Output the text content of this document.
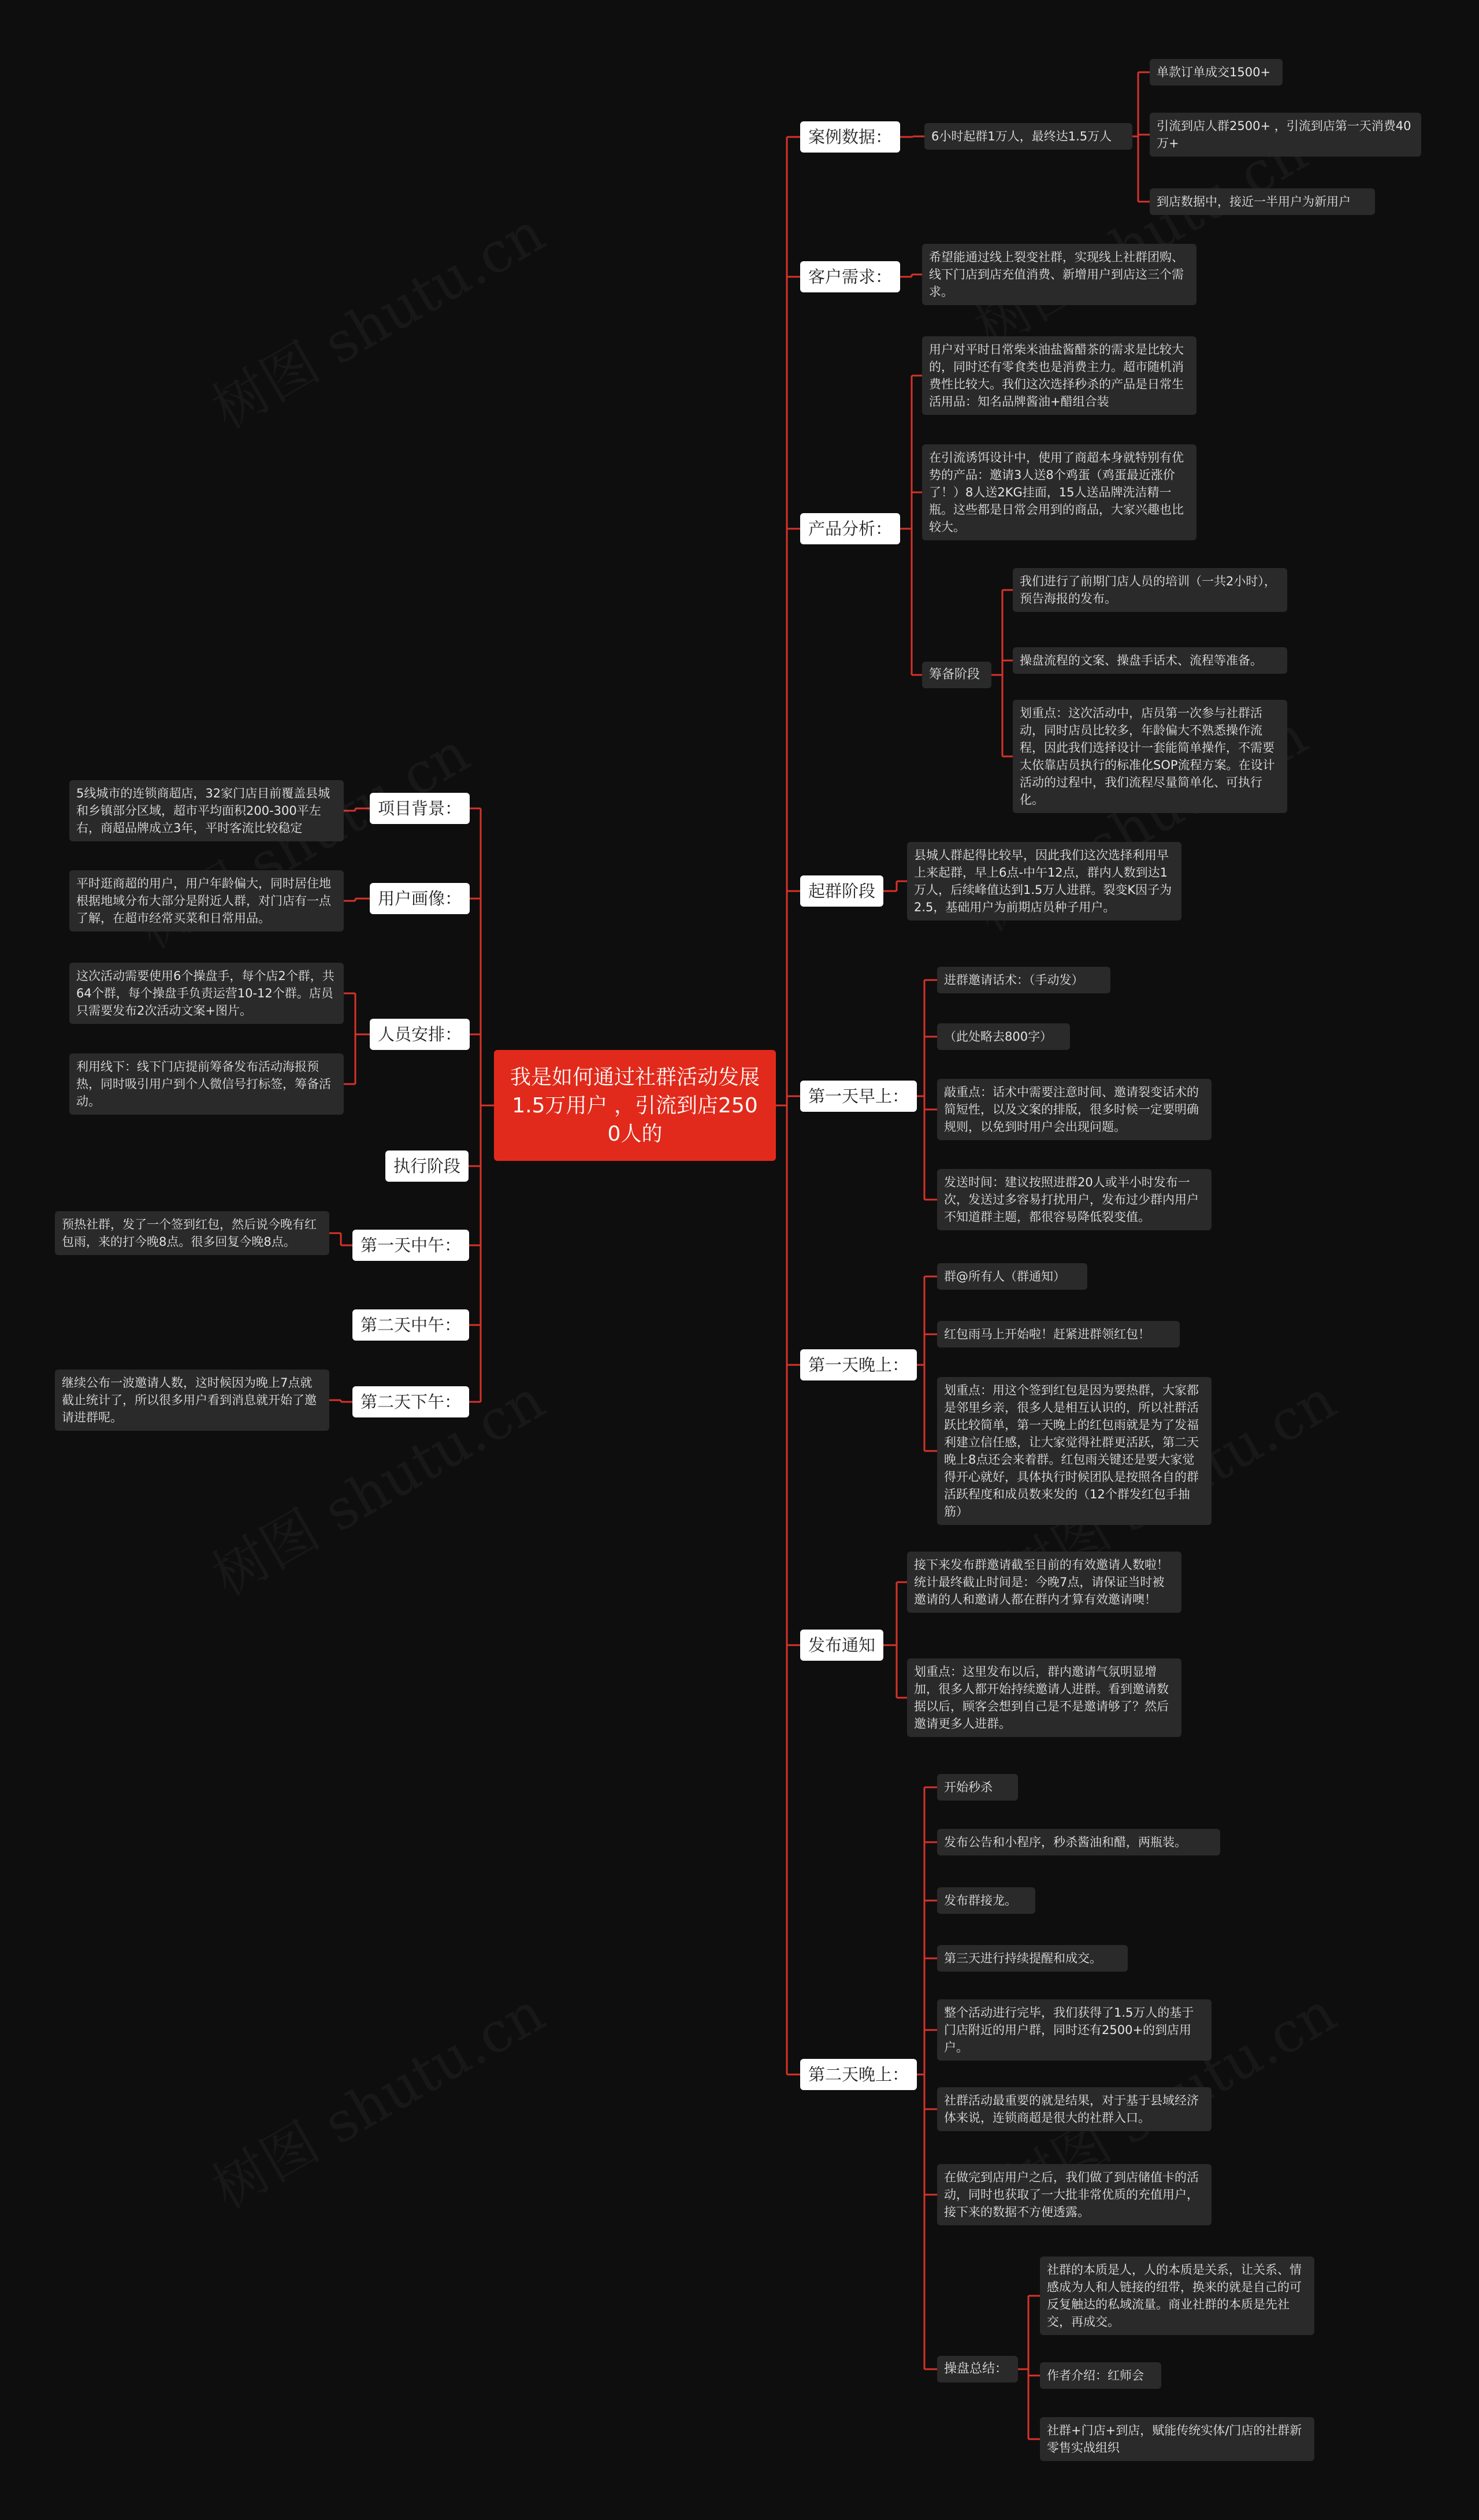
我是如何通过社群活动发展1.5万用户 ，引流到店2500人的
案例数据：	6小时起群1万人，最终达1.5万人
单款订单成交1500+
引流到店人群2500+ ，引流到店第一天消费40万+
到店数据中，接近一半用户为新用户
客户需求：
希望能通过线上裂变社群，实现线上社群团购、线下门店到店充值消费、新增用户到店这三个需求。
产品分析：
用户对平时日常柴米油盐酱醋茶的需求是比较大的，同时还有零食类也是消费主力。超市随机消费性比较大。我们这次选择秒杀的产品是日常生活用品：知名品牌酱油+醋组合装
在引流诱饵设计中，使用了商超本身就特别有优势的产品：邀请3人送8个鸡蛋（鸡蛋最近涨价了！）8人送2KG挂面，15人送品牌洗洁精一瓶。这些都是日常会用到的商品，大家兴趣也比较大。
筹备阶段
我们进行了前期门店人员的培训（一共2小时），预告海报的发布。
操盘流程的文案、操盘手话术、流程等准备。
划重点：这次活动中，店员第一次参与社群活动，同时店员比较多，年龄偏大不熟悉操作流程，因此我们选择设计一套能简单操作，不需要太依靠店员执行的标准化SOP流程方案。在设计活动的过程中，我们流程尽量简单化、可执行化。
起群阶段
县城人群起得比较早，因此我们这次选择利用早上来起群，早上6点-中午12点，群内人数到达1万人，后续峰值达到1.5万人进群。裂变K因子为2.5，基础用户为前期店员种子用户。
第一天早上：
进群邀请话术：（手动发）
（此处略去800字）
敲重点：话术中需要注意时间、邀请裂变话术的简短性，以及文案的排版，很多时候一定要明确规则，以免到时用户会出现问题。
发送时间：建议按照进群20人或半小时发布一次，发送过多容易打扰用户，发布过少群内用户不知道群主题，都很容易降低裂变值。
第一天晚上：
群@所有人（群通知）
红包雨马上开始啦！赶紧进群领红包！
划重点：用这个签到红包是因为要热群，大家都是邻里乡亲，很多人是相互认识的，所以社群活跃比较简单，第一天晚上的红包雨就是为了发福利建立信任感，让大家觉得社群更活跃，第二天晚上8点还会来着群。红包雨关键还是要大家觉得开心就好，具体执行时候团队是按照各自的群活跃程度和成员数来发的（12个群发红包手抽筋）
发布通知
接下来发布群邀请截至目前的有效邀请人数啦！统计最终截止时间是：今晚7点，请保证当时被邀请的人和邀请人都在群内才算有效邀请噢！
划重点：这里发布以后，群内邀请气氛明显增加，很多人都开始持续邀请人进群。看到邀请数据以后，顾客会想到自己是不是邀请够了？然后邀请更多人进群。
第二天晚上：
开始秒杀
发布公告和小程序，秒杀酱油和醋，两瓶装。
发布群接龙。
第三天进行持续提醒和成交。
整个活动进行完毕，我们获得了1.5万人的基于门店附近的用户群，同时还有2500+的到店用户。
社群活动最重要的就是结果，对于基于县域经济体来说，连锁商超是很大的社群入口。
在做完到店用户之后，我们做了到店储值卡的活动，同时也获取了一大批非常优质的充值用户，接下来的数据不方便透露。
操盘总结：
社群的本质是人，人的本质是关系，让关系、情感成为人和人链接的纽带，换来的就是自己的可反复触达的私域流量。商业社群的本质是先社交，再成交。
作者介绍：红师会
社群+门店+到店，赋能传统实体/门店的社群新零售实战组织
项目背景：
5线城市的连锁商超店，32家门店目前覆盖县城和乡镇部分区域，超市平均面积200-300平左右，商超品牌成立3年，平时客流比较稳定
用户画像：
平时逛商超的用户，用户年龄偏大，同时居住地根据地域分布大部分是附近人群，对门店有一点了解，在超市经常买菜和日常用品。
人员安排：
这次活动需要使用6个操盘手，每个店2个群，共64个群，每个操盘手负责运营10-12个群。店员只需要发布2次活动文案+图片。
利用线下：线下门店提前筹备发布活动海报预热，同时吸引用户到个人微信号打标签，筹备活动。
执行阶段
第一天中午：
预热社群，发了一个签到红包，然后说今晚有红包雨，来的打今晚8点。很多回复今晚8点。
第二天中午：
第二天下午：
继续公布一波邀请人数，这时候因为晚上7点就截止统计了，所以很多用户看到消息就开始了邀请进群呢。
